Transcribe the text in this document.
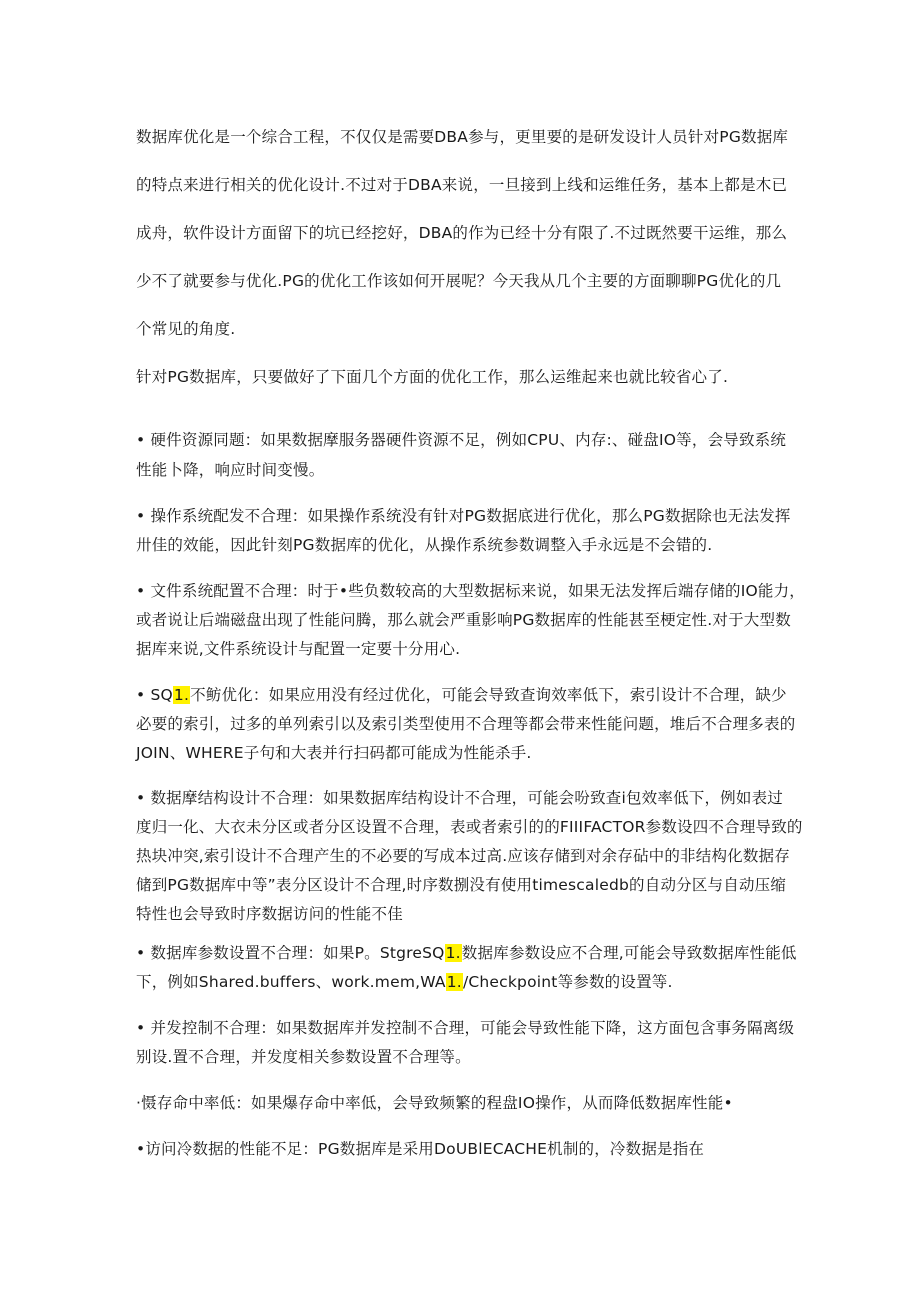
数据库优化是一个综合工程，不仅仅是需要DBA参与，更里要的是研发设计人员针对PG数据库
的特点来进行相关的优化设计.不过对于DBA来说，一旦接到上线和运维任务，基本上都是木已
成舟，软件设计方面留下的坑已经挖好，DBA的作为已经十分有限了.不过既然要干运维，那么
少不了就要参与优化.PG的优化工作该如何开展呢？今天我从几个主要的方面聊聊PG优化的几
个常见的角度.
针对PG数据库，只要做好了下面几个方面的优化工作，那么运维起来也就比较省心了.
• 硬件资源同题：如果数据摩服务器硬件资源不足，例如CPU、内存:、碰盘IO等，会导致系统
性能卜降，响应时间变慢。
• 操作系统配发不合理：如果操作系统没有针对PG数据底进行优化，那么PG数据除也无法发挥
卅佳的效能，因此针刻PG数据库的优化，从操作系统参数调整入手永远是不会错的.
• 文件系统配置不合理：时于•些负数较高的大型数据标来说，如果无法发挥后端存储的IO能力，
或者说让后端磁盘出现了性能问腾，那么就会严重影响PG数据库的性能甚至梗定性.对于大型数
据库来说,文件系统设计与配置一定要十分用心.
• SQ1.不鲂优化：如果应用没有经过优化，可能会导致查询效率低下，索引设计不合理，缺少
必要的索引，过多的单列索引以及索引类型使用不合理等都会带来性能问题，堆后不合理多表的
JOIN、WHERE子句和大表并行扫码都可能成为性能杀手.
• 数据摩结构设计不合理：如果数据库结构设计不合理，可能会吩致查i包效率低下，例如表过
度归一化、大衣未分区或者分区设置不合理，表或者索引的的FIIIFACTOR参数设四不合理导致的
热块冲突,索引设计不合理产生的不必要的写成本过高.应该存储到对余存砧中的非结构化数据存
储到PG数据库中等”表分区设计不合理,时序数捌没有使用timescaledb的自动分区与自动压缩
特性也会导致时序数据访问的性能不佳
• 数据库参数设置不合理：如果P。StgreSQ1.数据库参数设应不合理,可能会导致数据库性能低
下，例如Shared.buffers、work.mem,WA1./Checkpoint等参数的设置等.
• 并发控制不合理：如果数据库并发控制不合理，可能会导致性能下降，这方面包含事务隔离级
别设.置不合理，并发度相关参数设置不合理等。
·慑存命中率低：如果爆存命中率低，会导致频繁的程盘IO操作，从而降低数据库性能•
•访问冷数据的性能不足：PG数据库是采用DoUBlECACHE机制的，冷数据是指在
